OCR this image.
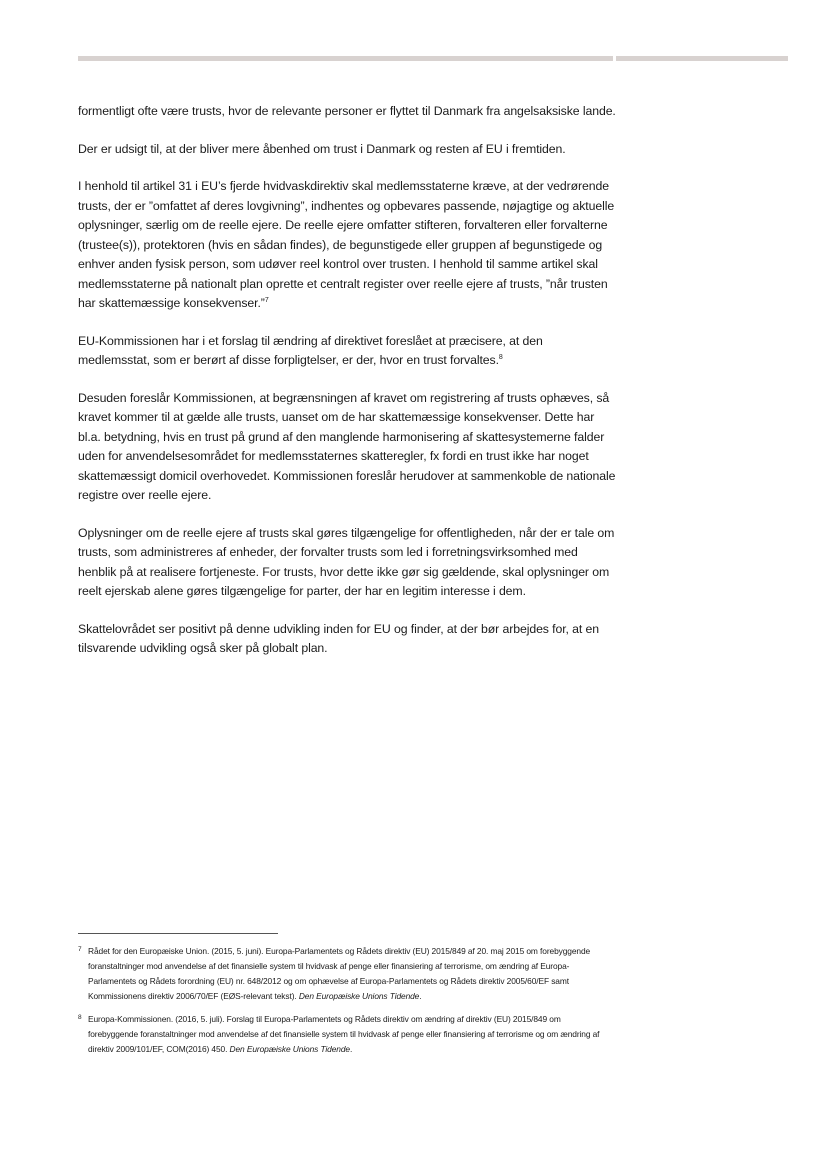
formentligt ofte være trusts, hvor de relevante personer er flyttet til Danmark fra angelsaksiske lande.

Der er udsigt til, at der bliver mere åbenhed om trust i Danmark og resten af EU i fremtiden.

I henhold til artikel 31 i EU’s fjerde hvidvaskdirektiv skal medlemsstaterne kræve, at der vedrørende trusts, der er ”omfattet af deres lovgivning”, indhentes og opbevares passende, nøjagtige og aktuelle oplysninger, særlig om de reelle ejere. De reelle ejere omfatter stifteren, forvalteren eller forvalterne (trustee(s)), protektoren (hvis en sådan findes), de begunstigede eller gruppen af begunstigede og enhver anden fysisk person, som udøver reel kontrol over trusten. I henhold til samme artikel skal medlemsstaterne på nationalt plan oprette et centralt register over reelle ejere af trusts, ”når trusten har skattemæssige konsekvenser.”$^7$

EU-Kommissionen har i et forslag til ændring af direktivet foreslået at præcisere, at den medlemsstat, som er berørt af disse forpligtelser, er der, hvor en trust forvaltes.$^8$

Desuden foreslår Kommissionen, at begrænsningen af kravet om registrering af trusts ophæves, så kravet kommer til at gælde alle trusts, uanset om de har skattemæssige konsekvenser. Dette har bl.a. betydning, hvis en trust på grund af den manglende harmonisering af skattesystemerne falder uden for anvendelsesområdet for medlemsstaternes skatteregler, fx fordi en trust ikke har noget skattemæssigt domicil overhovedet. Kommissionen foreslår herudover at sammenkoble de nationale registre over reelle ejere.

Oplysninger om de reelle ejere af trusts skal gøres tilgængelige for offentligheden, når der er tale om trusts, som administreres af enheder, der forvalter trusts som led i forretningsvirksomhed med henblik på at realisere fortjeneste. For trusts, hvor dette ikke gør sig gældende, skal oplysninger om reelt ejerskab alene gøres tilgængelige for parter, der har en legitim interesse i dem.

Skattelovrådet ser positivt på denne udvikling inden for EU og finder, at der bør arbejdes for, at en tilsvarende udvikling også sker på globalt plan.

7 Rådet for den Europæiske Union. (2015, 5. juni). Europa-Parlamentets og Rådets direktiv (EU) 2015/849 af 20. maj 2015 om forebyggende foranstaltninger mod anvendelse af det finansielle system til hvidvask af penge eller finansiering af terrorisme, om ændring af Europa-Parlamentets og Rådets forordning (EU) nr. 648/2012 og om ophævelse af Europa-Parlamentets og Rådets direktiv 2005/60/EF samt Kommissionens direktiv 2006/70/EF (EØS-relevant tekst). Den Europæiske Unions Tidende.

8 Europa-Kommissionen. (2016, 5. juli). Forslag til Europa-Parlamentets og Rådets direktiv om ændring af direktiv (EU) 2015/849 om forebyggende foranstaltninger mod anvendelse af det finansielle system til hvidvask af penge eller finansiering af terrorisme og om ændring af direktiv 2009/101/EF, COM(2016) 450. Den Europæiske Unions Tidende.
